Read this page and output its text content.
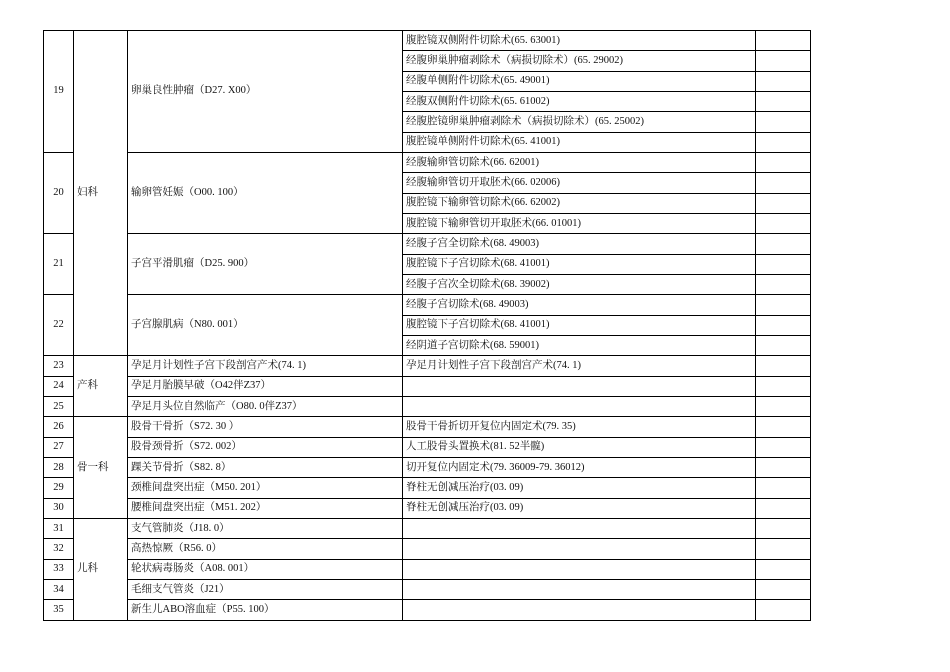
19	妇科	卵巢良性肿瘤（D27. X00）	腹腔镜双侧附件切除术(65. 63001)	
			经腹卵巢肿瘤剥除术（病损切除术）(65. 29002)	
			经腹单侧附件切除术(65. 49001)	
			经腹双侧附件切除术(65. 61002)	
			经腹腔镜卵巢肿瘤剥除术（病损切除术）(65. 25002)	
			腹腔镜单侧附件切除术(65. 41001)	
20		输卵管妊娠（O00. 100）	经腹输卵管切除术(66. 62001)	
			经腹输卵管切开取胚术(66. 02006)	
			腹腔镜下输卵管切除术(66. 62002)	
			腹腔镜下输卵管切开取胚术(66. 01001)	
21		子宫平滑肌瘤（D25. 900）	经腹子宫全切除术(68. 49003)	
			腹腔镜下子宫切除术(68. 41001)	
			经腹子宫次全切除术(68. 39002)	
22		子宫腺肌病（N80. 001）	经腹子宫切除术(68. 49003)	
			腹腔镜下子宫切除术(68. 41001)	
			经阴道子宫切除术(68. 59001)	
23	产科	孕足月计划性子宫下段剖宫产术(74. 1)	孕足月计划性子宫下段剖宫产术(74. 1)	
24		孕足月胎膜早破（O42伴Z37）		
25		孕足月头位自然临产（O80. 0伴Z37）		
26	骨一科	股骨干骨折（S72. 30 ）	股骨干骨折切开复位内固定术(79. 35)	
27		股骨颈骨折（S72. 002）	人工股骨头置换术(81. 52半髋)	
28		踝关节骨折（S82. 8）	切开复位内固定术(79. 36009-79. 36012)	
29		颈椎间盘突出症（M50. 201）	脊柱无创减压治疗(03. 09)	
30		腰椎间盘突出症（M51. 202）	脊柱无创减压治疗(03. 09)	
31	儿科	支气管肺炎（J18. 0）		
32		高热惊厥（R56. 0）		
33		轮状病毒肠炎（A08. 001）		
34		毛细支气管炎（J21）		
35		新生儿ABO溶血症（P55. 100）		
